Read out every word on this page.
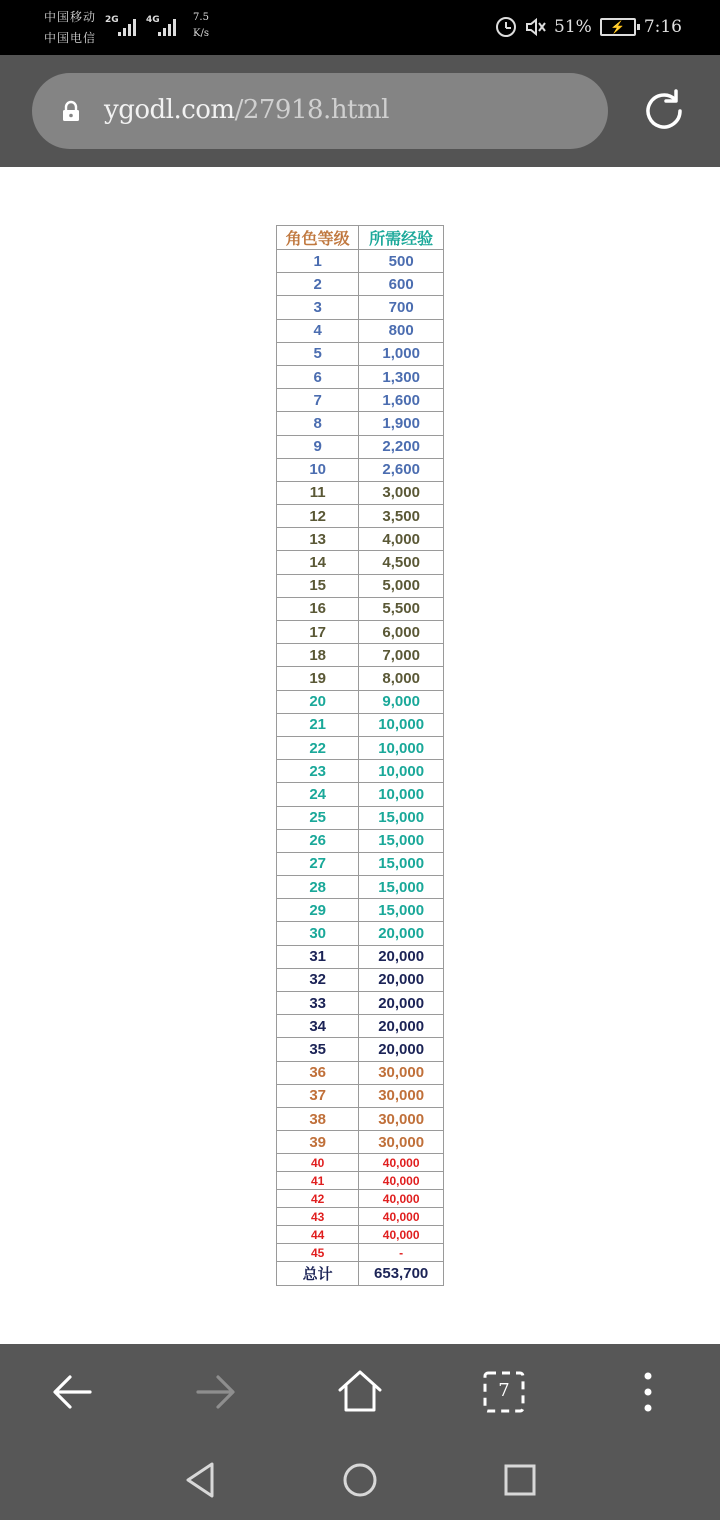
中国移动
中国电信
2G	4G	7.5
K/s	51% ⚡ 7:16
ygodl.com/27918.html
角色等级	所需经验
1	500
2	600
3	700
4	800
5	1,000
6	1,300
7	1,600
8	1,900
9	2,200
10	2,600
11	3,000
12	3,500
13	4,000
14	4,500
15	5,000
16	5,500
17	6,000
18	7,000
19	8,000
20	9,000
21	10,000
22	10,000
23	10,000
24	10,000
25	15,000
26	15,000
27	15,000
28	15,000
29	15,000
30	20,000
31	20,000
32	20,000
33	20,000
34	20,000
35	20,000
36	30,000
37	30,000
38	30,000
39	30,000
40	40,000
41	40,000
42	40,000
43	40,000
44	40,000
45	-
总计	653,700
7
